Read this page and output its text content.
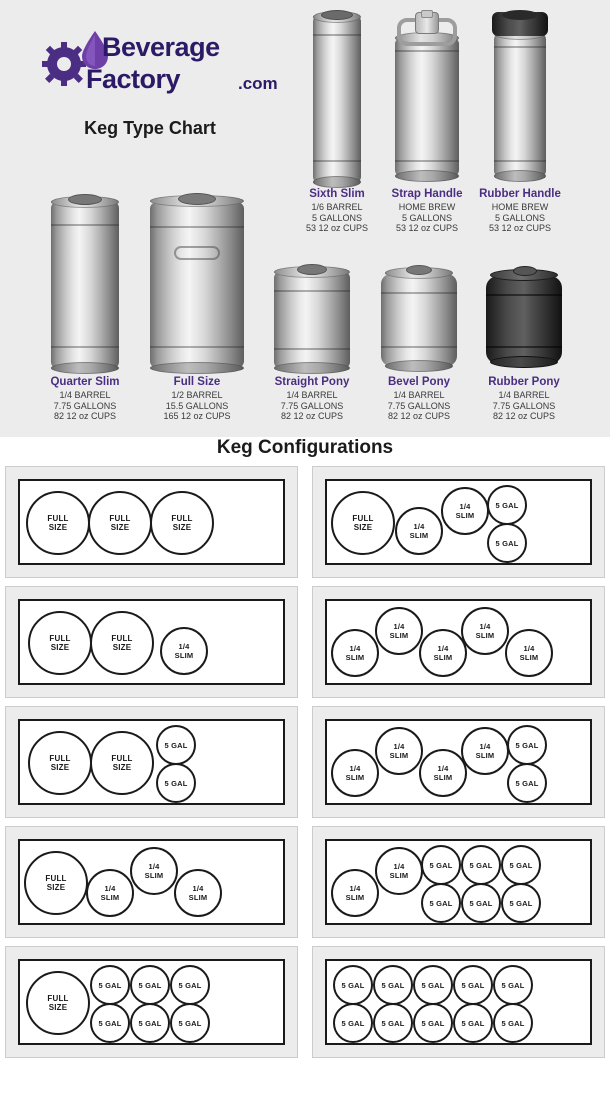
Beverage
Factory	.com
Keg Type Chart
Sixth Slim
1/6 BARREL
5 GALLONS
53 12 oz CUPS
Strap Handle
HOME BREW
5 GALLONS
53 12 oz CUPS
Rubber Handle
HOME BREW
5 GALLONS
53 12 oz CUPS
Quarter Slim
1/4 BARREL
7.75 GALLONS
82 12 oz CUPS
Full Size
1/2 BARREL
15.5 GALLONS
165 12 oz CUPS
Straight Pony
1/4 BARREL
7.75 GALLONS
82 12 oz CUPS
Bevel Pony
1/4 BARREL
7.75 GALLONS
82 12 oz CUPS
Rubber Pony
1/4 BARREL
7.75 GALLONS
82 12 oz CUPS
Keg Configurations
FULL
SIZE
FULL
SIZE
FULL
SIZE
FULL
SIZE	1/4
SLIM
1/4
SLIM
5 GAL
5 GAL
FULL
SIZE
FULL
SIZE	1/4
SLIM
1/4
SLIM
1/4
SLIM
1/4
SLIM
1/4
SLIM
1/4
SLIM
FULL
SIZE
FULL
SIZE
5 GAL
5 GAL
1/4
SLIM
1/4
SLIM
1/4
SLIM
1/4
SLIM
5 GAL
5 GAL
FULL
SIZE	1/4
SLIM
1/4
SLIM
1/4
SLIM
1/4
SLIM
1/4
SLIM
5 GAL
5 GAL
5 GAL
5 GAL
5 GAL
5 GAL
FULL
SIZE
5 GAL
5 GAL
5 GAL
5 GAL
5 GAL
5 GAL
5 GAL
5 GAL
5 GAL
5 GAL
5 GAL
5 GAL
5 GAL
5 GAL
5 GAL
5 GAL
